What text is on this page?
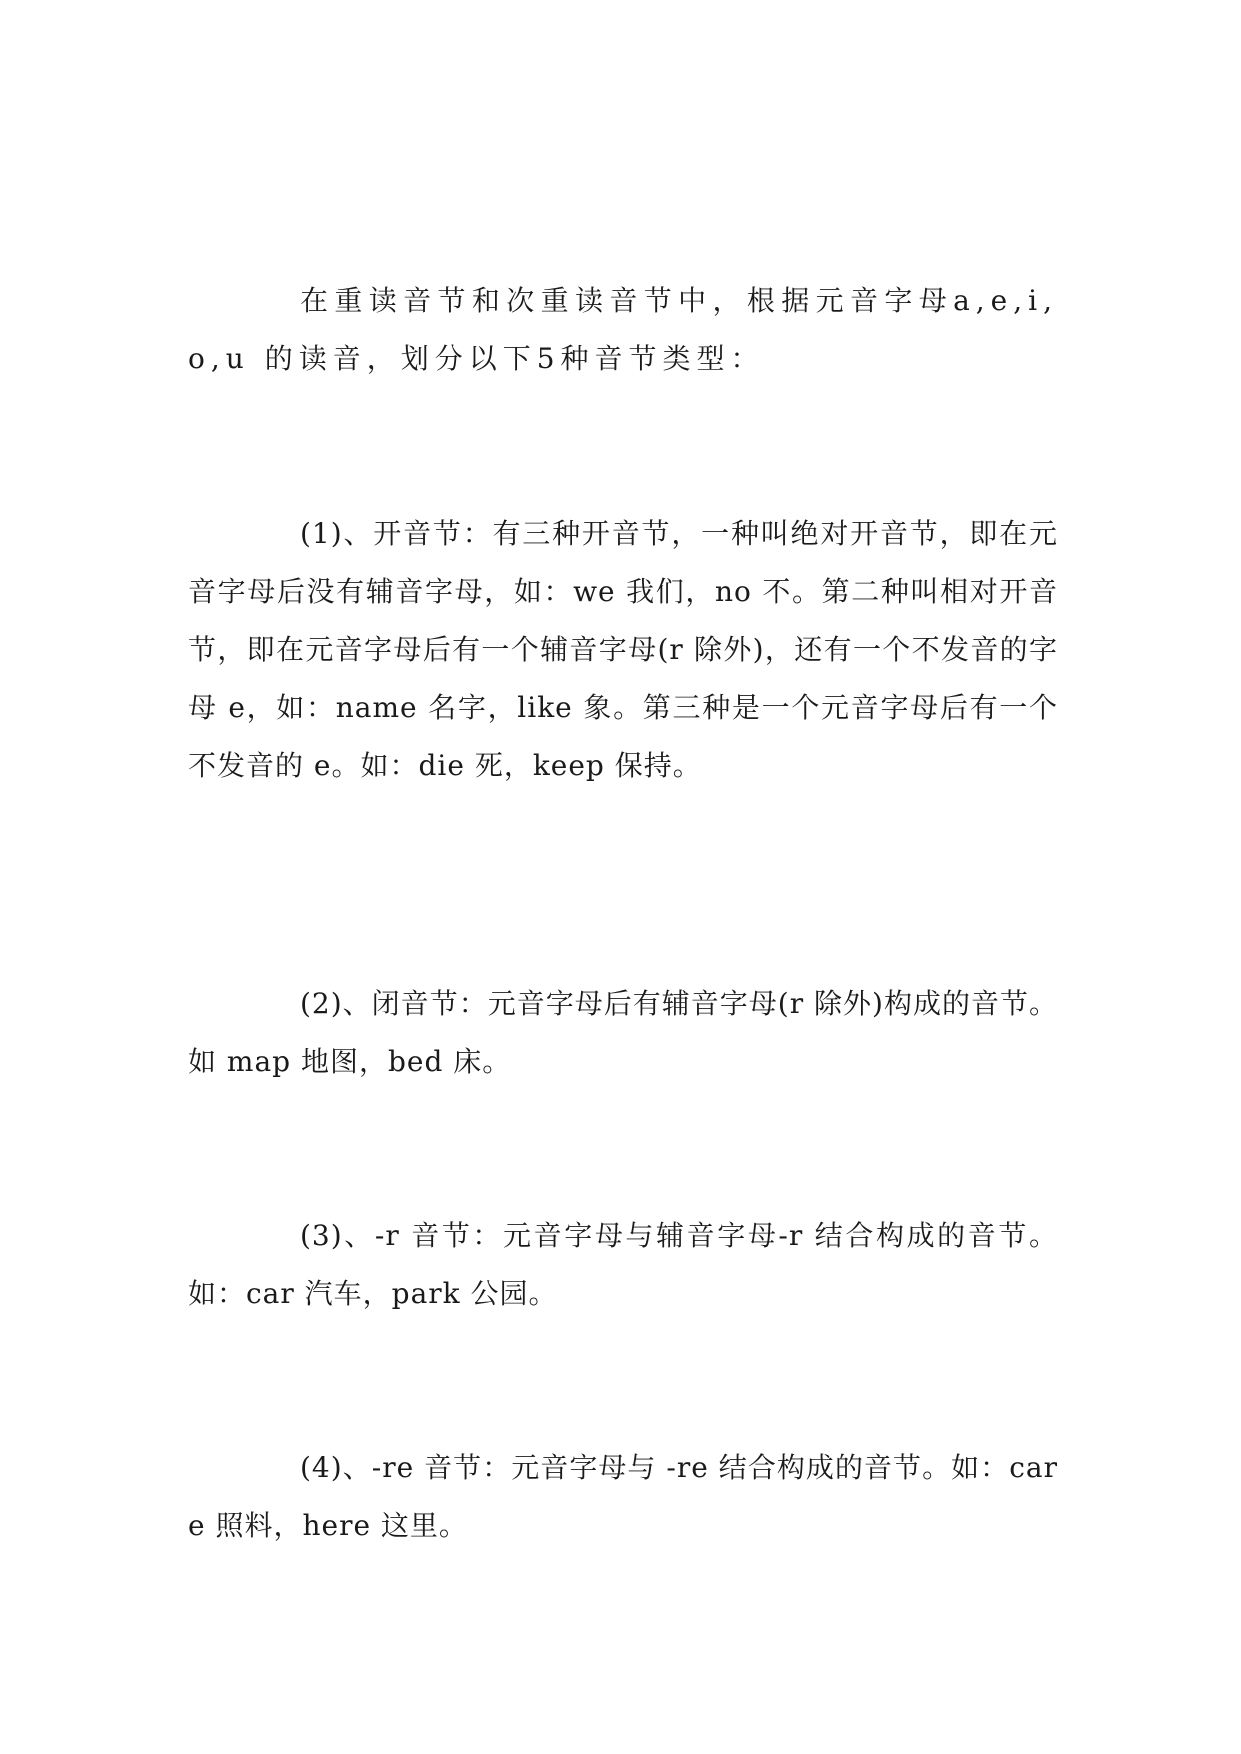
在重读音节和次重读音节中，根据元音字母a,e,i,o,u 的读音，划分以下5种音节类型：

(1)、开音节：有三种开音节，一种叫绝对开音节，即在元音字母后没有辅音字母，如：we 我们，no 不。第二种叫相对开音节，即在元音字母后有一个辅音字母(r 除外)，还有一个不发音的字母 e，如：name 名字，like 象。第三种是一个元音字母后有一个不发音的 e。如：die 死，keep 保持。

(2)、闭音节：元音字母后有辅音字母(r 除外)构成的音节。如 map 地图，bed 床。

(3)、-r 音节：元音字母与辅音字母-r 结合构成的音节。如：car 汽车，park 公园。

(4)、-re 音节：元音字母与 -re 结合构成的音节。如：care 照料，here 这里。
